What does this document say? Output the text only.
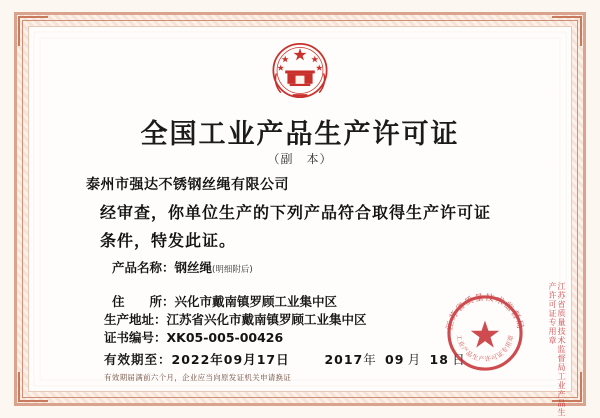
全国工业产品生产许可证
（副　本）
泰州市强达不锈钢丝绳有限公司
经审查，你单位生产的下列产品符合取得生产许可证
条件，特发此证。
产品名称：钢丝绳(明细附后)
住　　所：兴化市戴南镇罗顾工业集中区
生产地址：江苏省兴化市戴南镇罗顾工业集中区
证书编号：XK05-005-00426
有效期至：2022年09月17日	2017年 09 月 18 日
有效期届满前六个月，企业应当向原发证机关申请换证
江苏省质量技术监督局
工业产品生产许可证专用章	江苏省质量技术监督局工业产品生产许可证专用章
